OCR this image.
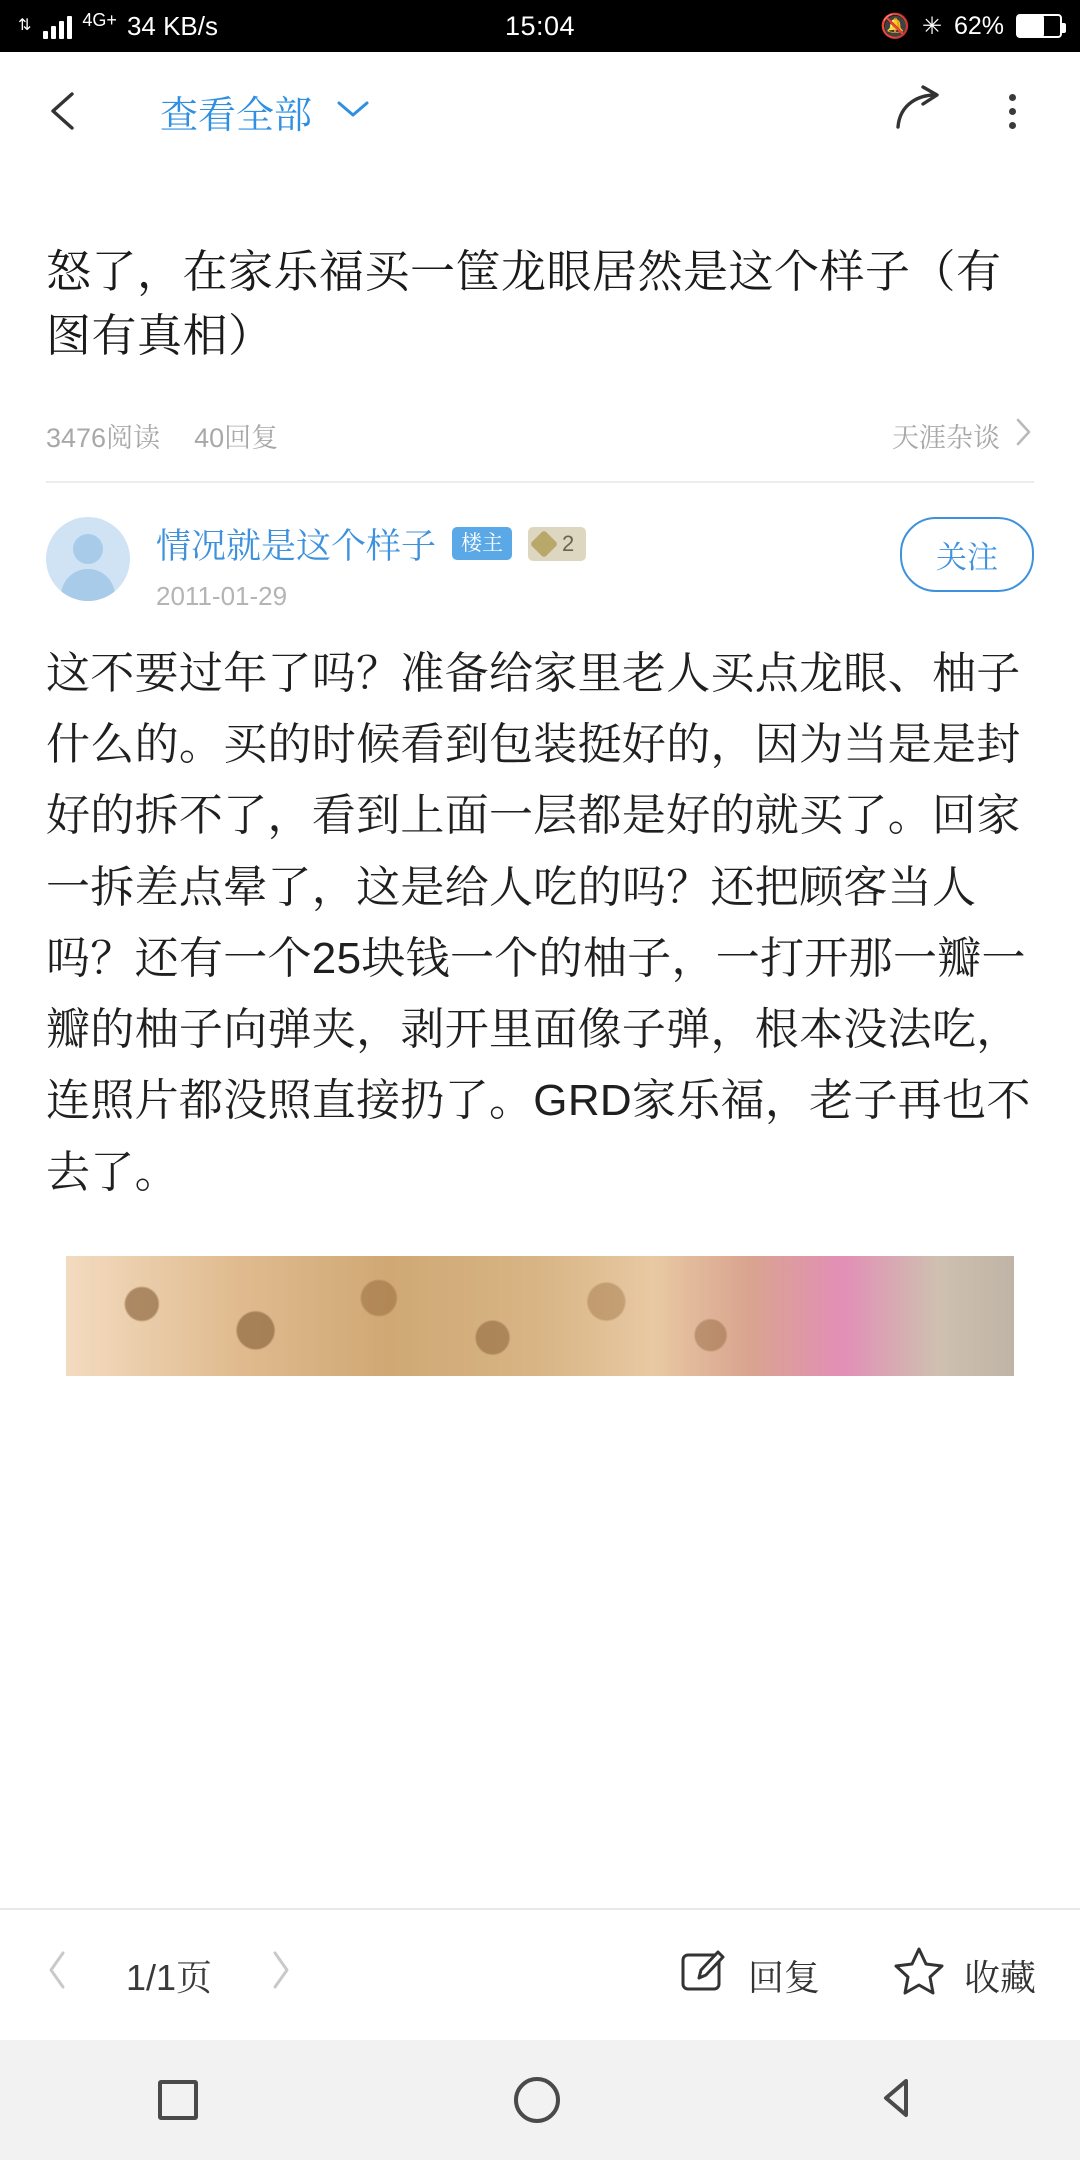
⇅	4G+ 34 KB/s	15:04	🔕 ✳ 62%
查看全部
怒了，在家乐福买一筐龙眼居然是这个样子（有图有真相）
3476阅读 40回复	天涯杂谈
情况就是这个样子	楼主	2
2011-01-29
关注
这不要过年了吗？准备给家里老人买点龙眼、柚子什么的。买的时候看到包装挺好的，因为当是是封好的拆不了，看到上面一层都是好的就买了。回家一拆差点晕了，这是给人吃的吗？还把顾客当人吗？还有一个25块钱一个的柚子，一打开那一瓣一瓣的柚子向弹夹，剥开里面像子弹，根本没法吃，连照片都没照直接扔了。GRD家乐福，老子再也不去了。
1/1页	回复	收藏
